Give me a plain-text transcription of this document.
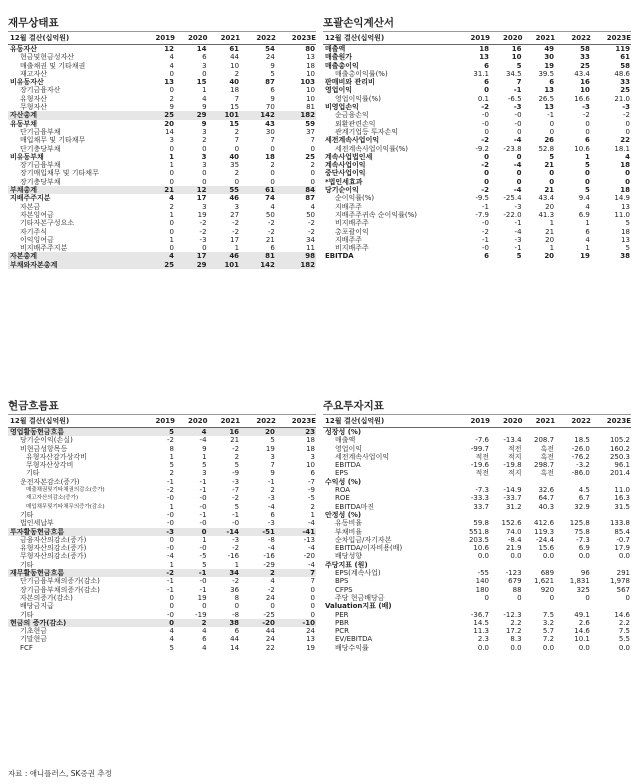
재무상태표
12월 결산(십억원)	2019	2020	2021	2022	2023E
유동자산	12	14	61	54	80
현금및현금성자산	4	6	44	24	13
매출채권 및 기타채권	4	3	10	9	18
재고자산	0	0	2	5	10
비유동자산	13	15	40	87	103
장기금융자산	0	1	18	6	10
유형자산	2	4	7	9	10
무형자산	9	9	15	70	81
자산총계	25	29	101	142	182
유동부채	20	9	15	43	59
단기금융부채	14	3	2	30	37
매입채무 및 기타채무	3	2	7	7	7
단기충당부채	0	0	0	0	0
비유동부채	1	3	40	18	25
장기금융부채	1	3	35	2	2
장기매입채무 및 기타채무	0	0	2	0	0
장기충당부채	0	0	0	0	0
부채총계	21	12	55	61	84
지배주주지분	4	17	46	74	87
자본금	2	3	3	4	4
자본잉여금	1	19	27	50	50
기타자본구성요소	0	-2	-2	-2	-2
자기주식	0	-2	-2	-2	-2
이익잉여금	1	-3	17	21	34
비지배주주지분	0	0	1	6	11
자본총계	4	17	46	81	98
부채와자본총계	25	29	101	142	182
포괄손익계산서
12월 결산(십억원)	2019	2020	2021	2022	2023E
매출액	18	16	49	58	119
매출원가	13	10	30	33	61
매출총이익	6	5	19	25	58
매출총이익률(%)	31.1	34.5	39.5	43.4	48.6
판매비와 관리비	6	7	6	16	33
영업이익	0	-1	13	10	25
영업이익률(%)	0.1	-6.5	26.5	16.6	21.0
비영업손익	-2	-3	13	-3	-3
순금융손익	-0	-0	-1	-2	-2
외환관련손익	-0	-0	0	0	0
관계기업등 투자손익	0	0	0	0	0
세전계속사업이익	-2	-4	26	6	22
세전계속사업이익률(%)	-9.2	-23.8	52.8	10.6	18.1
계속사업법인세	0	0	5	1	4
계속사업이익	-2	-4	21	5	18
중단사업이익	0	0	0	0	0
*법인세효과	0	0	0	0	0
당기순이익	-2	-4	21	5	18
순이익률(%)	-9.5	-25.4	43.4	9.4	14.9
지배주주	-1	-3	20	4	13
지배주주귀속 순이익률(%)	-7.9	-22.0	41.3	6.9	11.0
비지배주주	-0	-1	1	1	5
총포괄이익	-2	-4	21	6	18
지배주주	-1	-3	20	4	13
비지배주주	-0	-1	1	1	5
EBITDA	6	5	20	19	38
현금흐름표
12월 결산(십억원)	2019	2020	2021	2022	2023E
영업활동현금흐름	5	4	16	20	23
당기순이익(손실)	-2	-4	21	5	18
비현금성항목등	8	9	-2	19	18
유형자산감가상각비	1	1	2	3	3
무형자산상각비	5	5	5	7	10
기타	2	3	-9	9	6
운전자본감소(증가)	-1	-1	-3	-1	-7
매출채권및기타채권의감소(증가)	-2	-1	-7	2	-9
재고자산의감소(증가)	-0	-0	-2	-3	-5
매입채무및기타채무의증가(감소)	1	-0	5	-4	2
기타	-0	-1	-1	6	1
법인세납부	-0	-0	-0	-3	-4
투자활동현금흐름	-3	0	-14	-51	-41
금융자산의감소(증가)	0	1	-3	-8	-13
유형자산의감소(증가)	-0	-0	-2	-4	-4
무형자산의감소(증가)	-4	-5	-16	-16	-20
기타	1	5	1	-29	-4
재무활동현금흐름	-2	-1	34	2	7
단기금융부채의증가(감소)	-1	-0	-2	4	7
장기금융부채의증가(감소)	-1	-1	36	-2	0
자본의증가(감소)	0	19	8	24	0
배당금지급	0	0	0	0	0
기타	-0	-19	-8	-25	0
현금의 증가(감소)	0	2	38	-20	-10
기초현금	4	4	6	44	24
기말현금	4	6	44	24	13
FCF	5	4	14	22	19
주요투자지표
12월 결산(십억원)	2019	2020	2021	2022	2023E
성장성 (%)					
매출액	-7.6	-13.4	208.7	18.5	105.2
영업이익	-99.7	적전	흑전	-26.0	160.2
세전계속사업이익	적전	적지	흑전	-76.2	250.3
EBITDA	-19.6	-19.8	298.7	-3.2	96.1
EPS	적전	적지	흑전	-86.0	201.4
수익성 (%)					
ROA	-7.3	-14.9	32.6	4.5	11.0
ROE	-33.3	-33.7	64.7	6.7	16.3
EBITDA마진	33.7	31.2	40.3	32.9	31.5
안정성 (%)					
유동비율	59.8	152.6	412.6	125.8	133.8
부채비율	551.8	74.0	119.3	75.8	85.4
순차입금/자기자본	203.5	-8.4	-24.4	-7.3	-0.7
EBITDA/이자비용(배)	10.6	21.9	15.6	6.9	17.9
배당성향	0.0	0.0	0.0	0.0	0.0
주당지표 (원)					
EPS(계속사업)	-55	-123	689	96	291
BPS	140	679	1,621	1,831	1,978
CFPS	180	88	920	325	567
주당 현금배당금	0	0	0	0	0
Valuation지표 (배)					
PER	-36.7	-12.3	7.5	49.1	14.6
PBR	14.5	2.2	3.2	2.6	2.2
PCR	11.3	17.2	5.7	14.6	7.5
EV/EBITDA	2.3	8.3	7.2	10.1	5.5
배당수익률	0.0	0.0	0.0	0.0	0.0
자료 : 애니플러스, SK증권 추정
